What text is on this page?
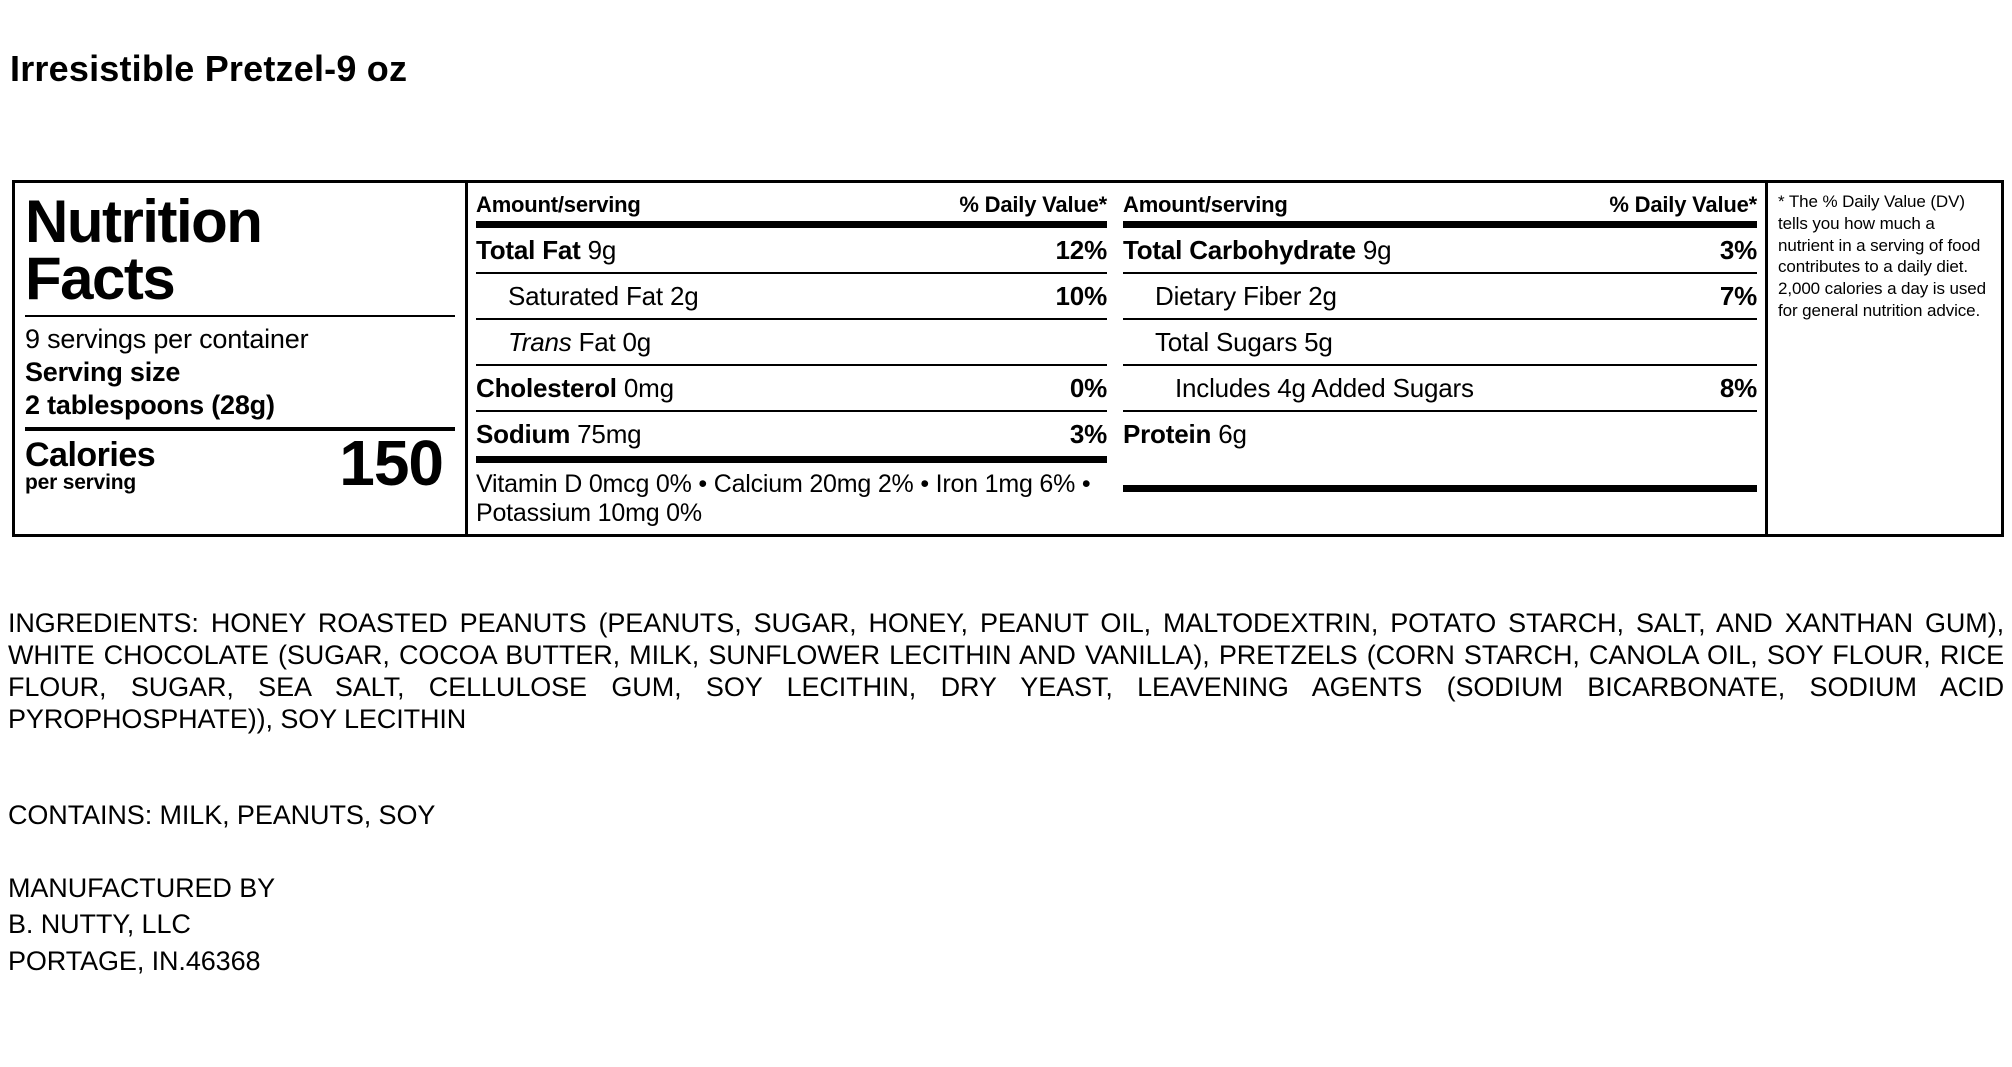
Irresistible Pretzel-9 oz
Nutrition
Facts
9 servings per container
Serving size
2 tablespoons (28g)
Calories
per serving	150
Amount/serving	% Daily Value*
Total Fat 9g	12%
Saturated Fat 2g	10%
Trans Fat 0g
Cholesterol 0mg	0%
Sodium 75mg	3%
Vitamin D 0mcg 0% • Calcium 20mg 2% • Iron 1mg 6% • Potassium 10mg 0%
Amount/serving	% Daily Value*
Total Carbohydrate 9g	3%
Dietary Fiber 2g	7%
Total Sugars 5g
Includes 4g Added Sugars	8%
Protein 6g

* The % Daily Value (DV) tells you how much a nutrient in a serving of food contributes to a daily diet. 2,000 calories a day is used for general nutrition advice.
INGREDIENTS: HONEY ROASTED PEANUTS (PEANUTS, SUGAR, HONEY, PEANUT OIL, MALTODEXTRIN, POTATO STARCH, SALT, AND XANTHAN GUM), WHITE CHOCOLATE (SUGAR, COCOA BUTTER, MILK, SUNFLOWER LECITHIN AND VANILLA), PRETZELS (CORN STARCH, CANOLA OIL, SOY FLOUR, RICE FLOUR, SUGAR, SEA SALT, CELLULOSE GUM, SOY LECITHIN, DRY YEAST, LEAVENING AGENTS (SODIUM BICARBONATE, SODIUM ACID PYROPHOSPHATE)), SOY LECITHIN
CONTAINS: MILK, PEANUTS, SOY
MANUFACTURED BY
B. NUTTY, LLC
PORTAGE, IN.46368
